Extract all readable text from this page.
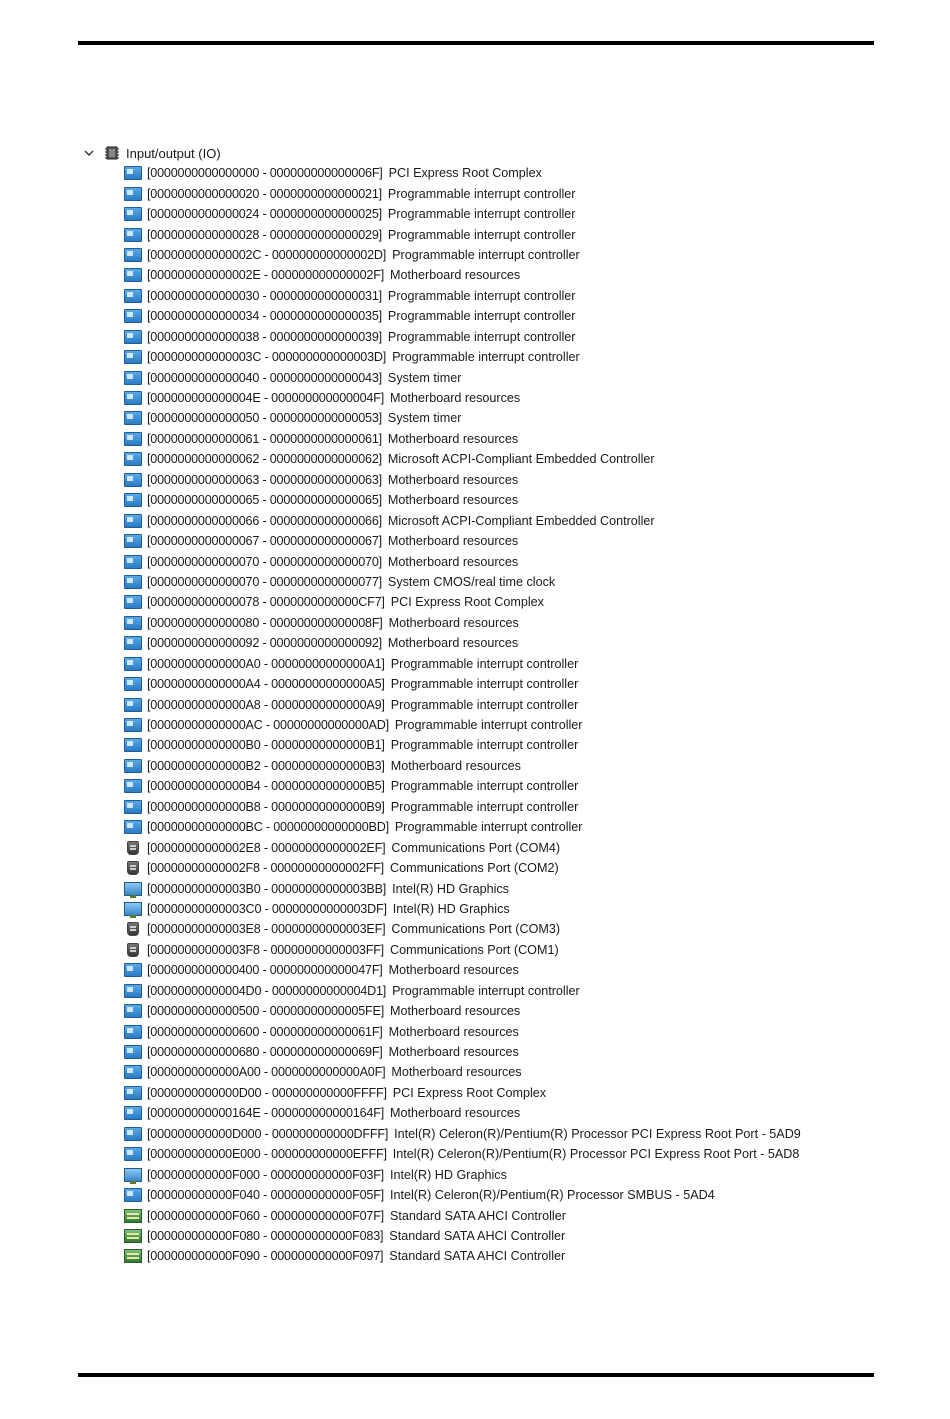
Input/output (IO)
[0000000000000000 - 000000000000006F] PCI Express Root Complex
[0000000000000020 - 0000000000000021] Programmable interrupt controller
[0000000000000024 - 0000000000000025] Programmable interrupt controller
[0000000000000028 - 0000000000000029] Programmable interrupt controller
[000000000000002C - 000000000000002D] Programmable interrupt controller
[000000000000002E - 000000000000002F] Motherboard resources
[0000000000000030 - 0000000000000031] Programmable interrupt controller
[0000000000000034 - 0000000000000035] Programmable interrupt controller
[0000000000000038 - 0000000000000039] Programmable interrupt controller
[000000000000003C - 000000000000003D] Programmable interrupt controller
[0000000000000040 - 0000000000000043] System timer
[000000000000004E - 000000000000004F] Motherboard resources
[0000000000000050 - 0000000000000053] System timer
[0000000000000061 - 0000000000000061] Motherboard resources
[0000000000000062 - 0000000000000062] Microsoft ACPI-Compliant Embedded Controller
[0000000000000063 - 0000000000000063] Motherboard resources
[0000000000000065 - 0000000000000065] Motherboard resources
[0000000000000066 - 0000000000000066] Microsoft ACPI-Compliant Embedded Controller
[0000000000000067 - 0000000000000067] Motherboard resources
[0000000000000070 - 0000000000000070] Motherboard resources
[0000000000000070 - 0000000000000077] System CMOS/real time clock
[0000000000000078 - 0000000000000CF7] PCI Express Root Complex
[0000000000000080 - 000000000000008F] Motherboard resources
[0000000000000092 - 0000000000000092] Motherboard resources
[00000000000000A0 - 00000000000000A1] Programmable interrupt controller
[00000000000000A4 - 00000000000000A5] Programmable interrupt controller
[00000000000000A8 - 00000000000000A9] Programmable interrupt controller
[00000000000000AC - 00000000000000AD] Programmable interrupt controller
[00000000000000B0 - 00000000000000B1] Programmable interrupt controller
[00000000000000B2 - 00000000000000B3] Motherboard resources
[00000000000000B4 - 00000000000000B5] Programmable interrupt controller
[00000000000000B8 - 00000000000000B9] Programmable interrupt controller
[00000000000000BC - 00000000000000BD] Programmable interrupt controller
[00000000000002E8 - 00000000000002EF] Communications Port (COM4)
[00000000000002F8 - 00000000000002FF] Communications Port (COM2)
[00000000000003B0 - 00000000000003BB] Intel(R) HD Graphics
[00000000000003C0 - 00000000000003DF] Intel(R) HD Graphics
[00000000000003E8 - 00000000000003EF] Communications Port (COM3)
[00000000000003F8 - 00000000000003FF] Communications Port (COM1)
[0000000000000400 - 000000000000047F] Motherboard resources
[00000000000004D0 - 00000000000004D1] Programmable interrupt controller
[0000000000000500 - 00000000000005FE] Motherboard resources
[0000000000000600 - 000000000000061F] Motherboard resources
[0000000000000680 - 000000000000069F] Motherboard resources
[0000000000000A00 - 0000000000000A0F] Motherboard resources
[0000000000000D00 - 000000000000FFFF] PCI Express Root Complex
[000000000000164E - 000000000000164F] Motherboard resources
[000000000000D000 - 000000000000DFFF] Intel(R) Celeron(R)/Pentium(R) Processor PCI Express Root Port - 5AD9
[000000000000E000 - 000000000000EFFF] Intel(R) Celeron(R)/Pentium(R) Processor PCI Express Root Port - 5AD8
[000000000000F000 - 000000000000F03F] Intel(R) HD Graphics
[000000000000F040 - 000000000000F05F] Intel(R) Celeron(R)/Pentium(R) Processor SMBUS - 5AD4
[000000000000F060 - 000000000000F07F] Standard SATA AHCI Controller
[000000000000F080 - 000000000000F083] Standard SATA AHCI Controller
[000000000000F090 - 000000000000F097] Standard SATA AHCI Controller
